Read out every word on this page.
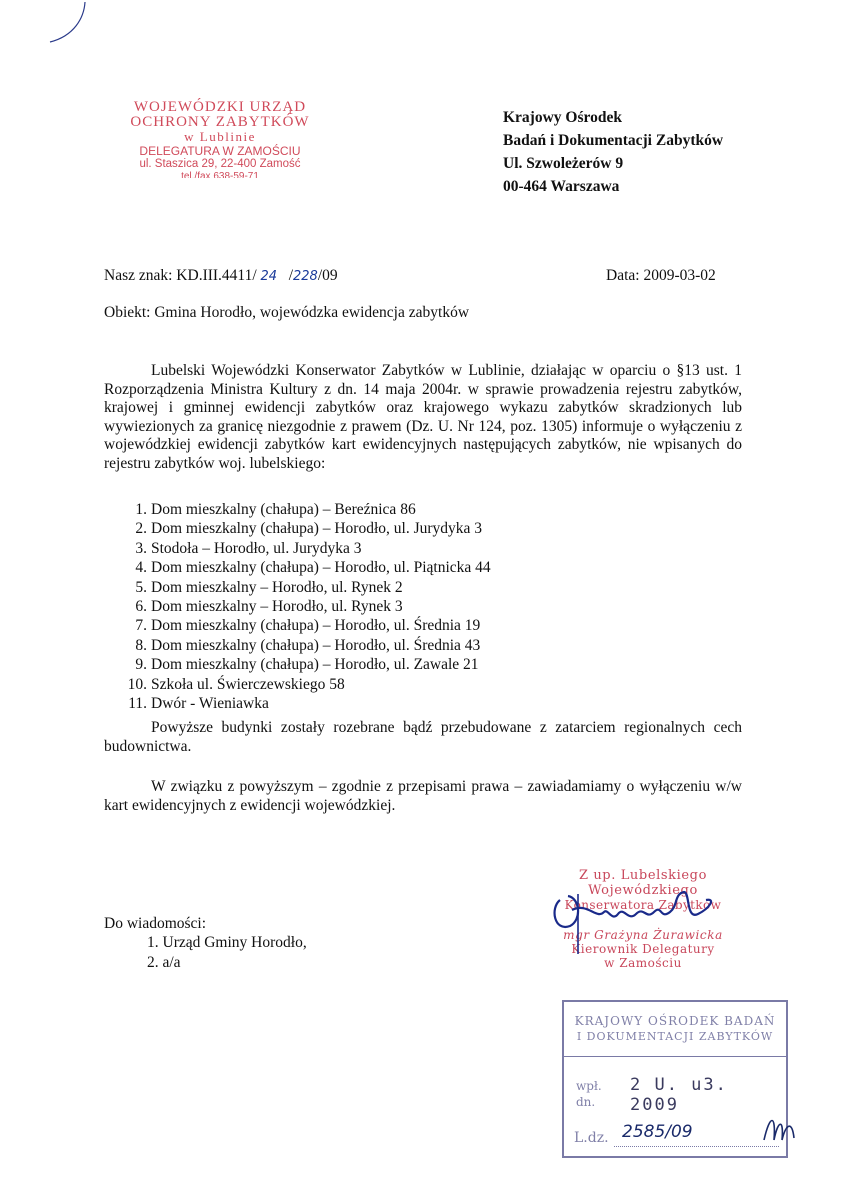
WOJEWÓDZKI URZĄD
OCHRONY ZABYTKÓW
w Lublinie
DELEGATURA W ZAMOŚCIU
ul. Staszica 29, 22-400 Zamość
tel./fax 638-59-71
Krajowy Ośrodek
Badań i Dokumentacji Zabytków
Ul. Szwoleżerów 9
00-464 Warszawa
Nasz znak: KD.III.4411/ 24   /228/09	Data: 2009-03-02
Obiekt: Gmina Horodło, wojewódzka ewidencja zabytków
Lubelski Wojewódzki Konserwator Zabytków w Lublinie, działając w oparciu o §13 ust. 1 Rozporządzenia Ministra Kultury z dn. 14 maja 2004r. w sprawie prowadzenia rejestru zabytków, krajowej i gminnej ewidencji zabytków oraz krajowego wykazu zabytków skradzionych lub wywiezionych za granicę niezgodnie z prawem (Dz. U. Nr 124, poz. 1305) informuje o wyłączeniu z wojewódzkiej ewidencji zabytków kart ewidencyjnych następujących zabytków, nie wpisanych do rejestru zabytków woj. lubelskiego:
1. Dom mieszkalny (chałupa) – Bereźnica 86
2. Dom mieszkalny (chałupa) – Horodło, ul. Jurydyka 3
3. Stodoła – Horodło, ul. Jurydyka 3
4. Dom mieszkalny (chałupa) – Horodło, ul. Piątnicka 44
5. Dom mieszkalny – Horodło, ul. Rynek 2
6. Dom mieszkalny – Horodło, ul. Rynek 3
7. Dom mieszkalny (chałupa) – Horodło, ul. Średnia 19
8. Dom mieszkalny (chałupa) – Horodło, ul. Średnia 43
9. Dom mieszkalny (chałupa) – Horodło, ul. Zawale 21
10. Szkoła ul. Świerczewskiego 58
11. Dwór - Wieniawka
Powyższe budynki zostały rozebrane bądź przebudowane z zatarciem regionalnych cech budownictwa.
W związku z powyższym – zgodnie z przepisami prawa – zawiadamiamy o wyłączeniu w/w kart ewidencyjnych z ewidencji wojewódzkiej.
Z up. Lubelskiego Wojewódzkiego
Konserwatora Zabytków
mgr Grażyna Żurawicka
Kierownik Delegatury
w Zamościu
Do wiadomości:
1. Urząd Gminy Horodło,
2. a/a
KRAJOWY OŚRODEK BADAŃ
I DOKUMENTACJI ZABYTKÓW
wpł.
dn.
2 U. u3. 2009
L.dz. 2585/09
